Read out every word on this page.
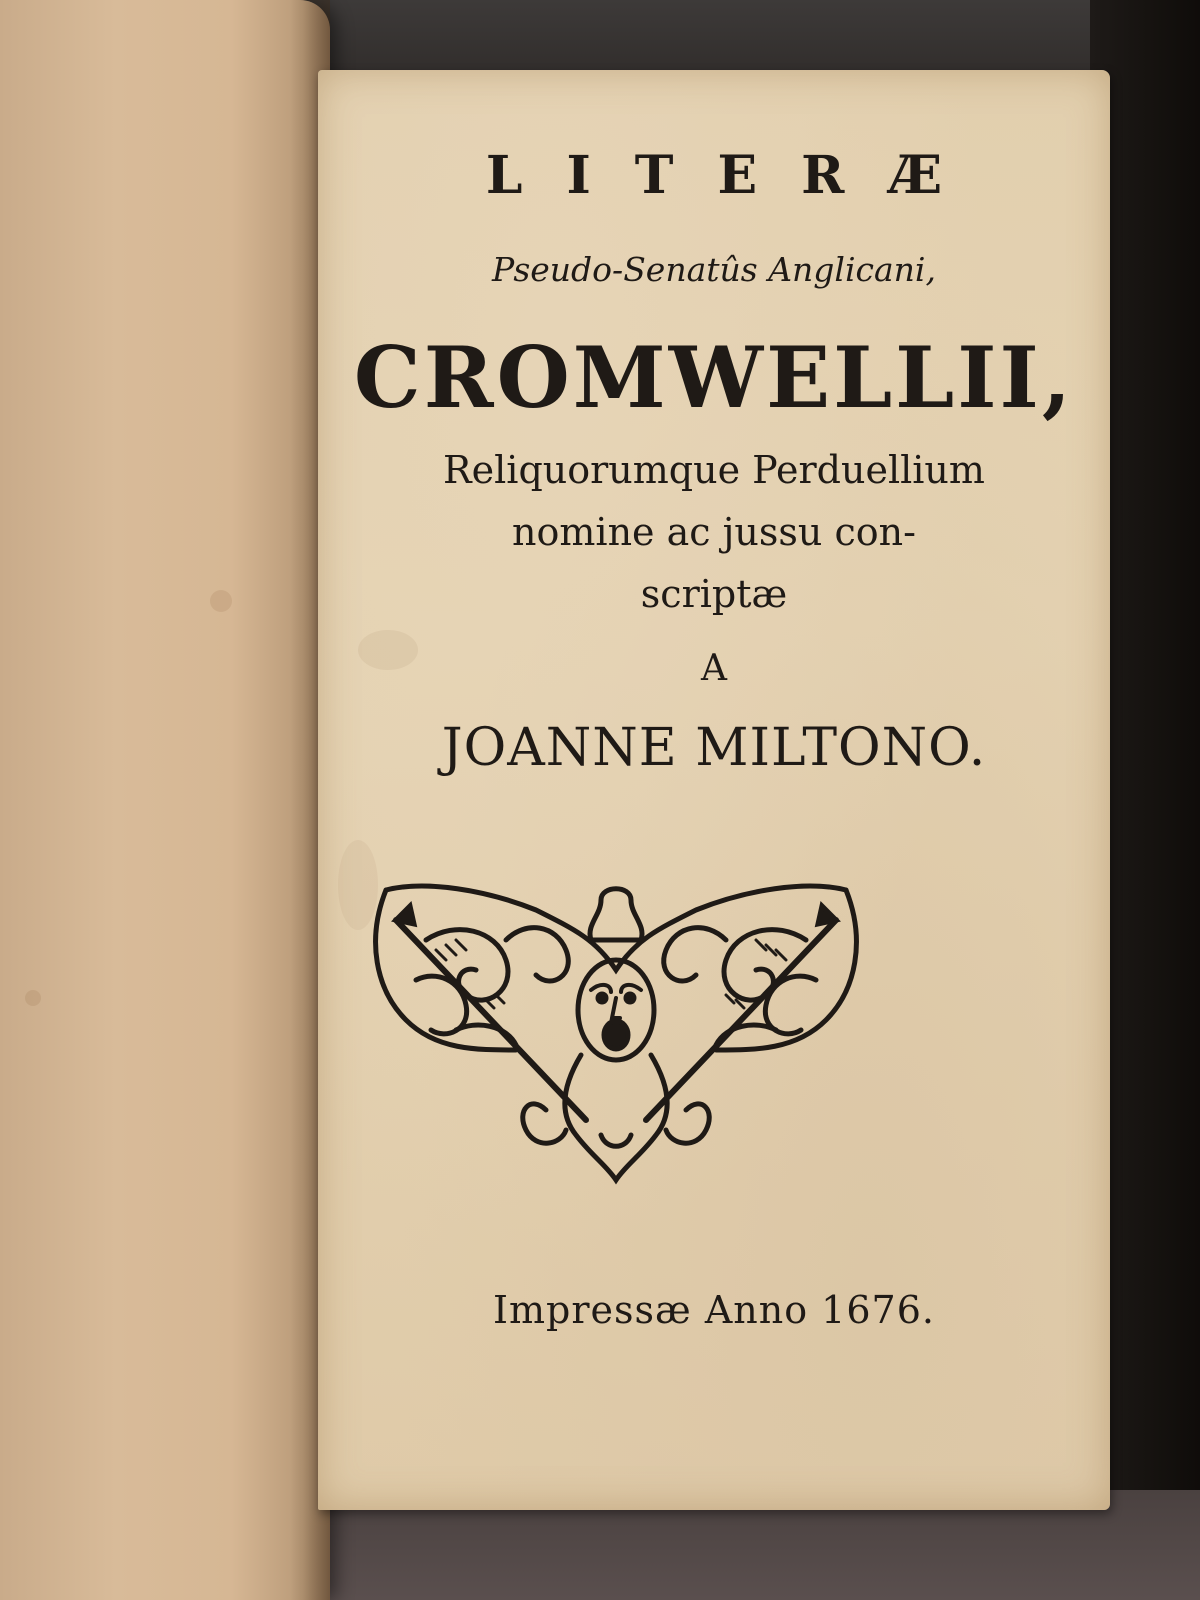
LITERÆ
Pseudo-Senatûs Anglicani,
CROMWELLII,
Reliquorumque Perduellium
nomine ac jussu con-
scriptæ
A
JOANNE MILTONO.
Impressæ Anno 1676.
